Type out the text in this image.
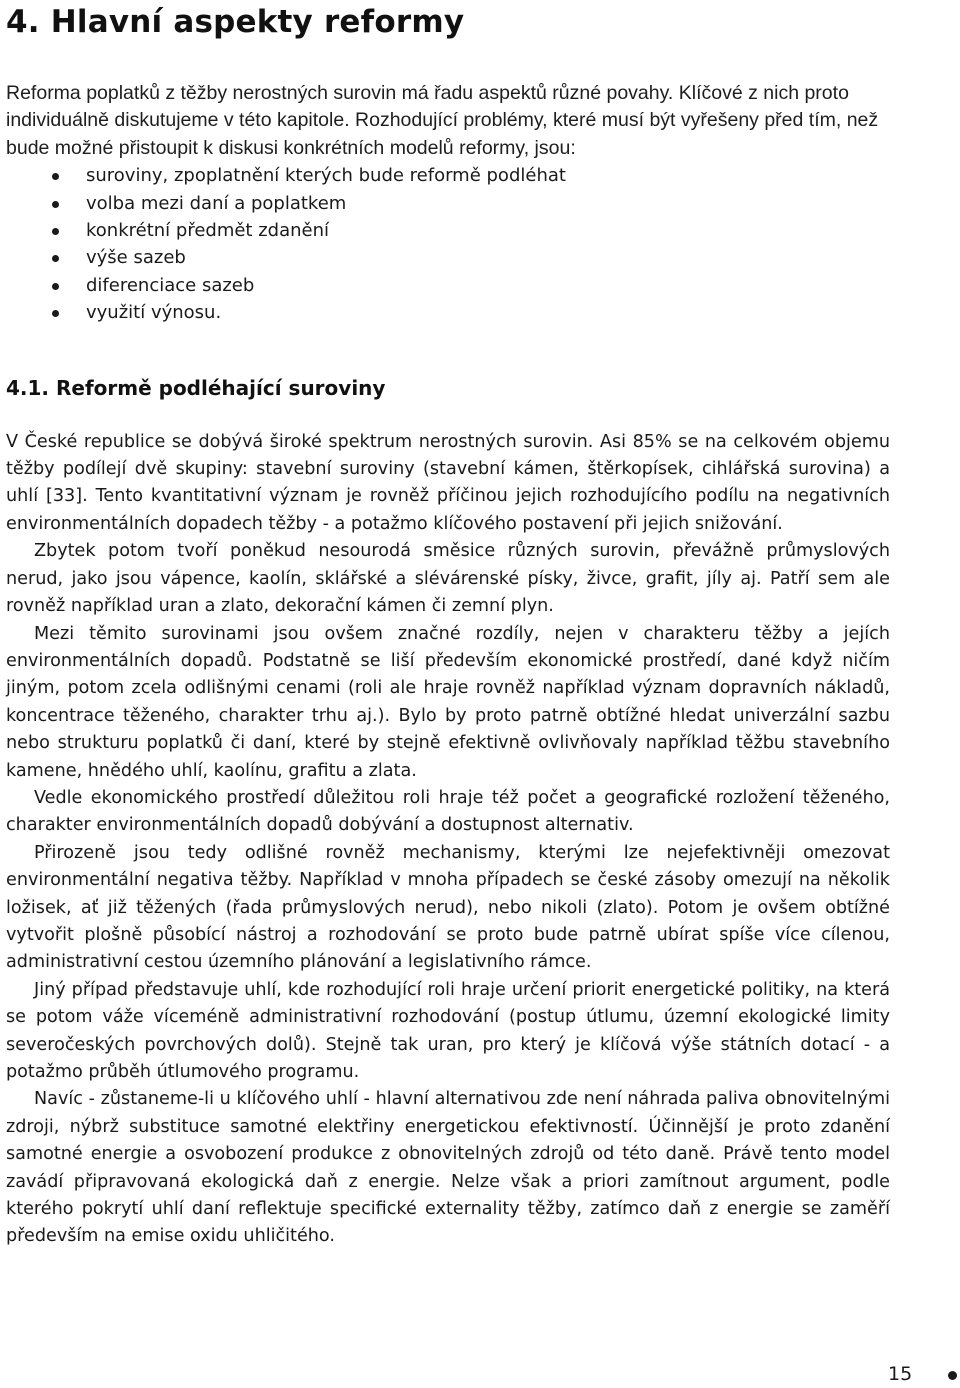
4. Hlavní aspekty reformy

Reforma poplatků z těžby nerostných surovin má řadu aspektů různé povahy. Klíčové z nich proto individuálně diskutujeme v této kapitole. Rozhodující problémy, které musí být vyřešeny před tím, než bude možné přistoupit k diskusi konkrétních modelů reformy, jsou:

suroviny, zpoplatnění kterých bude reformě podléhat
volba mezi daní a poplatkem
konkrétní předmět zdanění
výše sazeb
diferenciace sazeb
využití výnosu.
4.1. Reformě podléhající suroviny

V České republice se dobývá široké spektrum nerostných surovin. Asi 85% se na celkovém objemu těžby podílejí dvě skupiny: stavební suroviny (stavební kámen, štěrkopísek, cihlářská surovina) a uhlí [33]. Tento kvantitativní význam je rovněž příčinou jejich rozhodujícího podílu na negativních environmentálních dopadech těžby - a potažmo klíčového postavení při jejich snižování.

Zbytek potom tvoří poněkud nesourodá směsice různých surovin, převážně průmyslových nerud, jako jsou vápence, kaolín, sklářské a slévárenské písky, živce, grafit, jíly aj. Patří sem ale rovněž například uran a zlato, dekorační kámen či zemní plyn.

Mezi těmito surovinami jsou ovšem značné rozdíly, nejen v charakteru těžby a jejích environmentálních dopadů. Podstatně se liší především ekonomické prostředí, dané když ničím jiným, potom zcela odlišnými cenami (roli ale hraje rovněž například význam dopravních nákladů, koncentrace těženého, charakter trhu aj.). Bylo by proto patrně obtížné hledat univerzální sazbu nebo strukturu poplatků či daní, které by stejně efektivně ovlivňovaly například těžbu stavebního kamene, hnědého uhlí, kaolínu, grafitu a zlata.

Vedle ekonomického prostředí důležitou roli hraje též počet a geografické rozložení těženého, charakter environmentálních dopadů dobývání a dostupnost alternativ.

Přirozeně jsou tedy odlišné rovněž mechanismy, kterými lze nejefektivněji omezovat environmentální negativa těžby. Například v mnoha případech se české zásoby omezují na několik ložisek, ať již těžených (řada průmyslových nerud), nebo nikoli (zlato). Potom je ovšem obtížné vytvořit plošně působící nástroj a rozhodování se proto bude patrně ubírat spíše více cílenou, administrativní cestou územního plánování a legislativního rámce.

Jiný případ představuje uhlí, kde rozhodující roli hraje určení priorit energetické politiky, na která se potom váže víceméně administrativní rozhodování (postup útlumu, územní ekologické limity severočeských povrchových dolů). Stejně tak uran, pro který je klíčová výše státních dotací - a potažmo průběh útlumového programu.

Navíc - zůstaneme-li u klíčového uhlí - hlavní alternativou zde není náhrada paliva obnovitelnými zdroji, nýbrž substituce samotné elektřiny energetickou efektivností. Účinnější je proto zdanění samotné energie a osvobození produkce z obnovitelných zdrojů od této daně. Právě tento model zavádí připravovaná ekologická daň z energie. Nelze však a priori zamítnout argument, podle kterého pokrytí uhlí daní reflektuje specifické externality těžby, zatímco daň z energie se zaměří především na emise oxidu uhličitého.

15
